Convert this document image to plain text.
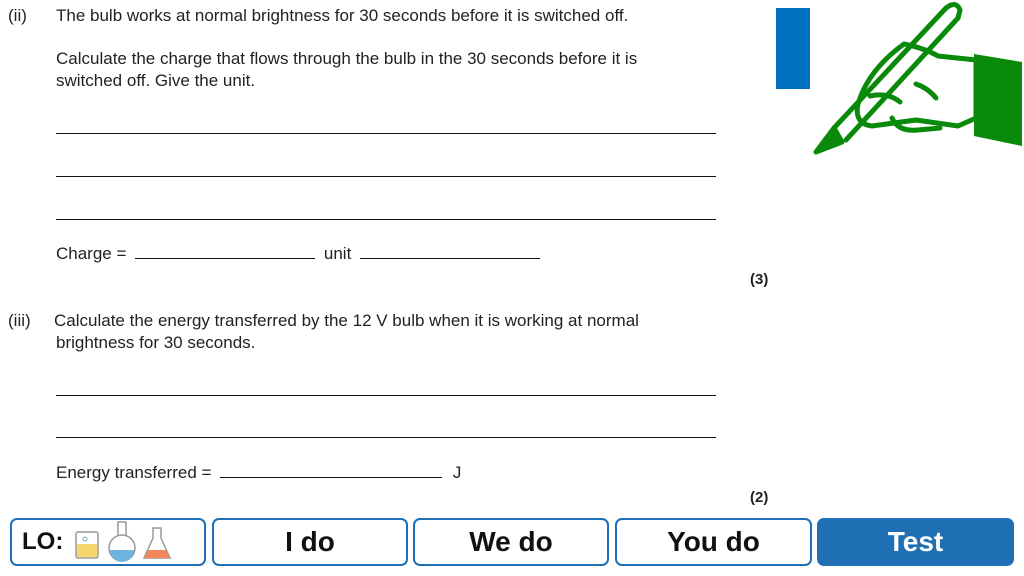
(ii) The bulb works at normal brightness for 30 seconds before it is switched off.
Calculate the charge that flows through the bulb in the 30 seconds before it is
switched off. Give the unit.
Charge =	unit
(3)
(iii) Calculate the energy transferred by the 12 V bulb when it is working at normal
brightness for 30 seconds.
Energy transferred =	J
(2)
LO:	I do	We do	You do	Test
